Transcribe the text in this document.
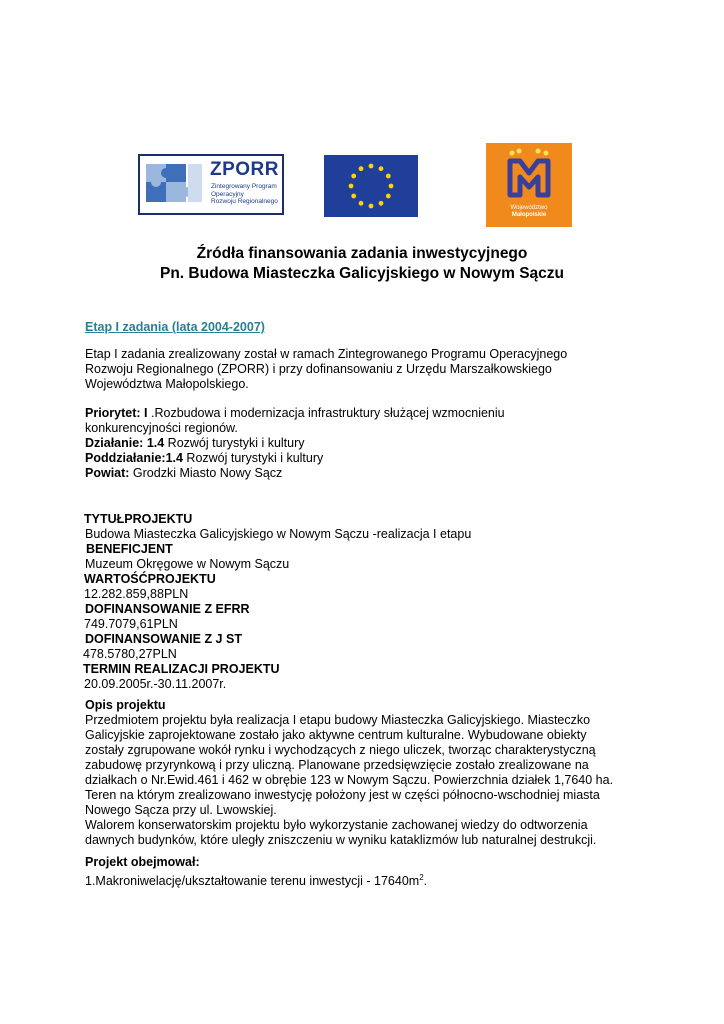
ZPORR
Zintegrowany Program
Operacyjny
Rozwoju Regionalnego
Województwo
Małopolskie
Źródła finansowania zadania inwestycyjnego
Pn. Budowa Miasteczka Galicyjskiego w Nowym Sączu
Etap I zadania (lata 2004-2007)
Etap I zadania zrealizowany został w ramach Zintegrowanego Programu Operacyjnego
Rozwoju Regionalnego (ZPORR) i przy dofinansowaniu z Urzędu Marszałkowskiego
Województwa Małopolskiego.
Priorytet: I .Rozbudowa i modernizacja infrastruktury służącej wzmocnieniu
konkurencyjności regionów.
Działanie: 1.4 Rozwój turystyki i kultury
Poddziałanie:1.4 Rozwój turystyki i kultury
Powiat: Grodzki Miasto Nowy Sącz
TYTUŁPROJEKTU
Budowa Miasteczka Galicyjskiego w Nowym Sączu -realizacja I etapu
BENEFICJENT
Muzeum Okręgowe w Nowym Sączu
WARTOŚĆPROJEKTU
12.282.859,88PLN
DOFINANSOWANIE Z EFRR
749.7079,61PLN
DOFINANSOWANIE Z J ST
478.5780,27PLN
TERMIN REALIZACJI PROJEKTU
20.09.2005r.-30.11.2007r.
Opis projektu
Przedmiotem projektu była realizacja I etapu budowy Miasteczka Galicyjskiego. Miasteczko
Galicyjskie zaprojektowane zostało jako aktywne centrum kulturalne. Wybudowane obiekty
zostały zgrupowane wokół rynku i wychodzących z niego uliczek, tworząc charakterystyczną
zabudowę przyrynkową i przy uliczną. Planowane przedsięwzięcie zostało zrealizowane na
działkach o Nr.Ewid.461 i 462 w obrębie 123 w Nowym Sączu. Powierzchnia działek 1,7640 ha.
Teren na którym zrealizowano inwestycję położony jest w części północno-wschodniej miasta
Nowego Sącza przy ul. Lwowskiej.
Walorem konserwatorskim projektu było wykorzystanie zachowanej wiedzy do odtworzenia
dawnych budynków, które uległy zniszczeniu w wyniku kataklizmów lub naturalnej destrukcji.
Projekt obejmował:
1.Makroniwelację/ukształtowanie terenu inwestycji - $17640m^2$.
